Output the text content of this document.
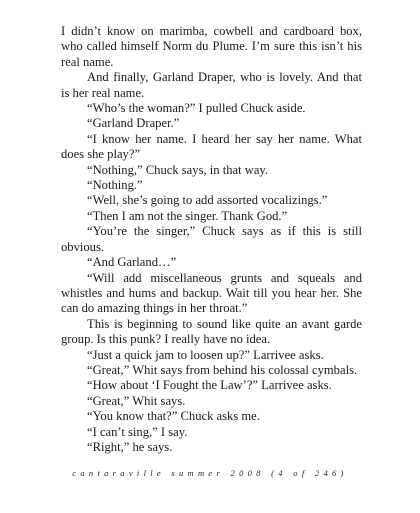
I didn’t know on marimba, cowbell and cardboard box, who called himself Norm du Plume. I’m sure this isn’t his real name.

And finally, Garland Draper, who is lovely. And that is her real name.

“Who’s the woman?” I pulled Chuck aside.

“Garland Draper.”

“I know her name. I heard her say her name. What does she play?”

“Nothing,” Chuck says, in that way.

“Nothing.”

“Well, she’s going to add assorted vocalizings.”

“Then I am not the singer. Thank God.”

“You’re the singer,” Chuck says as if this is still obvious.

“And Garland…”

“Will add miscellaneous grunts and squeals and whistles and hums and backup. Wait till you hear her. She can do amazing things in her throat.”

This is beginning to sound like quite an avant garde group. Is this punk? I really have no idea.

“Just a quick jam to loosen up?” Larrivee asks.

“Great,” Whit says from behind his colossal cymbals.

“How about ‘I Fought the Law’?” Larrivee asks.

“Great,” Whit says.

“You know that?” Chuck asks me.

“I can’t sing,” I say.

“Right,” he says.

cantaraville summer 2008 (4 of 246)
